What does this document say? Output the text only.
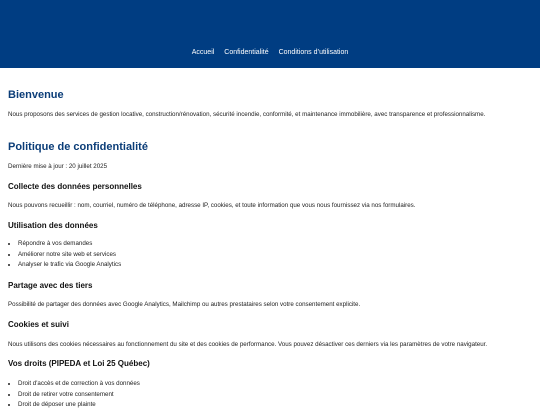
Accueil Confidentialité Conditions d’utilisation
Bienvenue

Nous proposons des services de gestion locative, construction/rénovation, sécurité incendie, conformité, et maintenance immobilière, avec transparence et professionnalisme.

Politique de confidentialité

Dernière mise à jour : 20 juillet 2025

Collecte des données personnelles

Nous pouvons recueillir : nom, courriel, numéro de téléphone, adresse IP, cookies, et toute information que vous nous fournissez via nos formulaires.

Utilisation des données
• Répondre à vos demandes
• Améliorer notre site web et services
• Analyser le trafic via Google Analytics
Partage avec des tiers

Possibilité de partager des données avec Google Analytics, Mailchimp ou autres prestataires selon votre consentement explicite.

Cookies et suivi

Nous utilisons des cookies nécessaires au fonctionnement du site et des cookies de performance. Vous pouvez désactiver ces derniers via les paramètres de votre navigateur.

Vos droits (PIPEDA et Loi 25 Québec)
• Droit d'accès et de correction à vos données
• Droit de retirer votre consentement
• Droit de déposer une plainte
